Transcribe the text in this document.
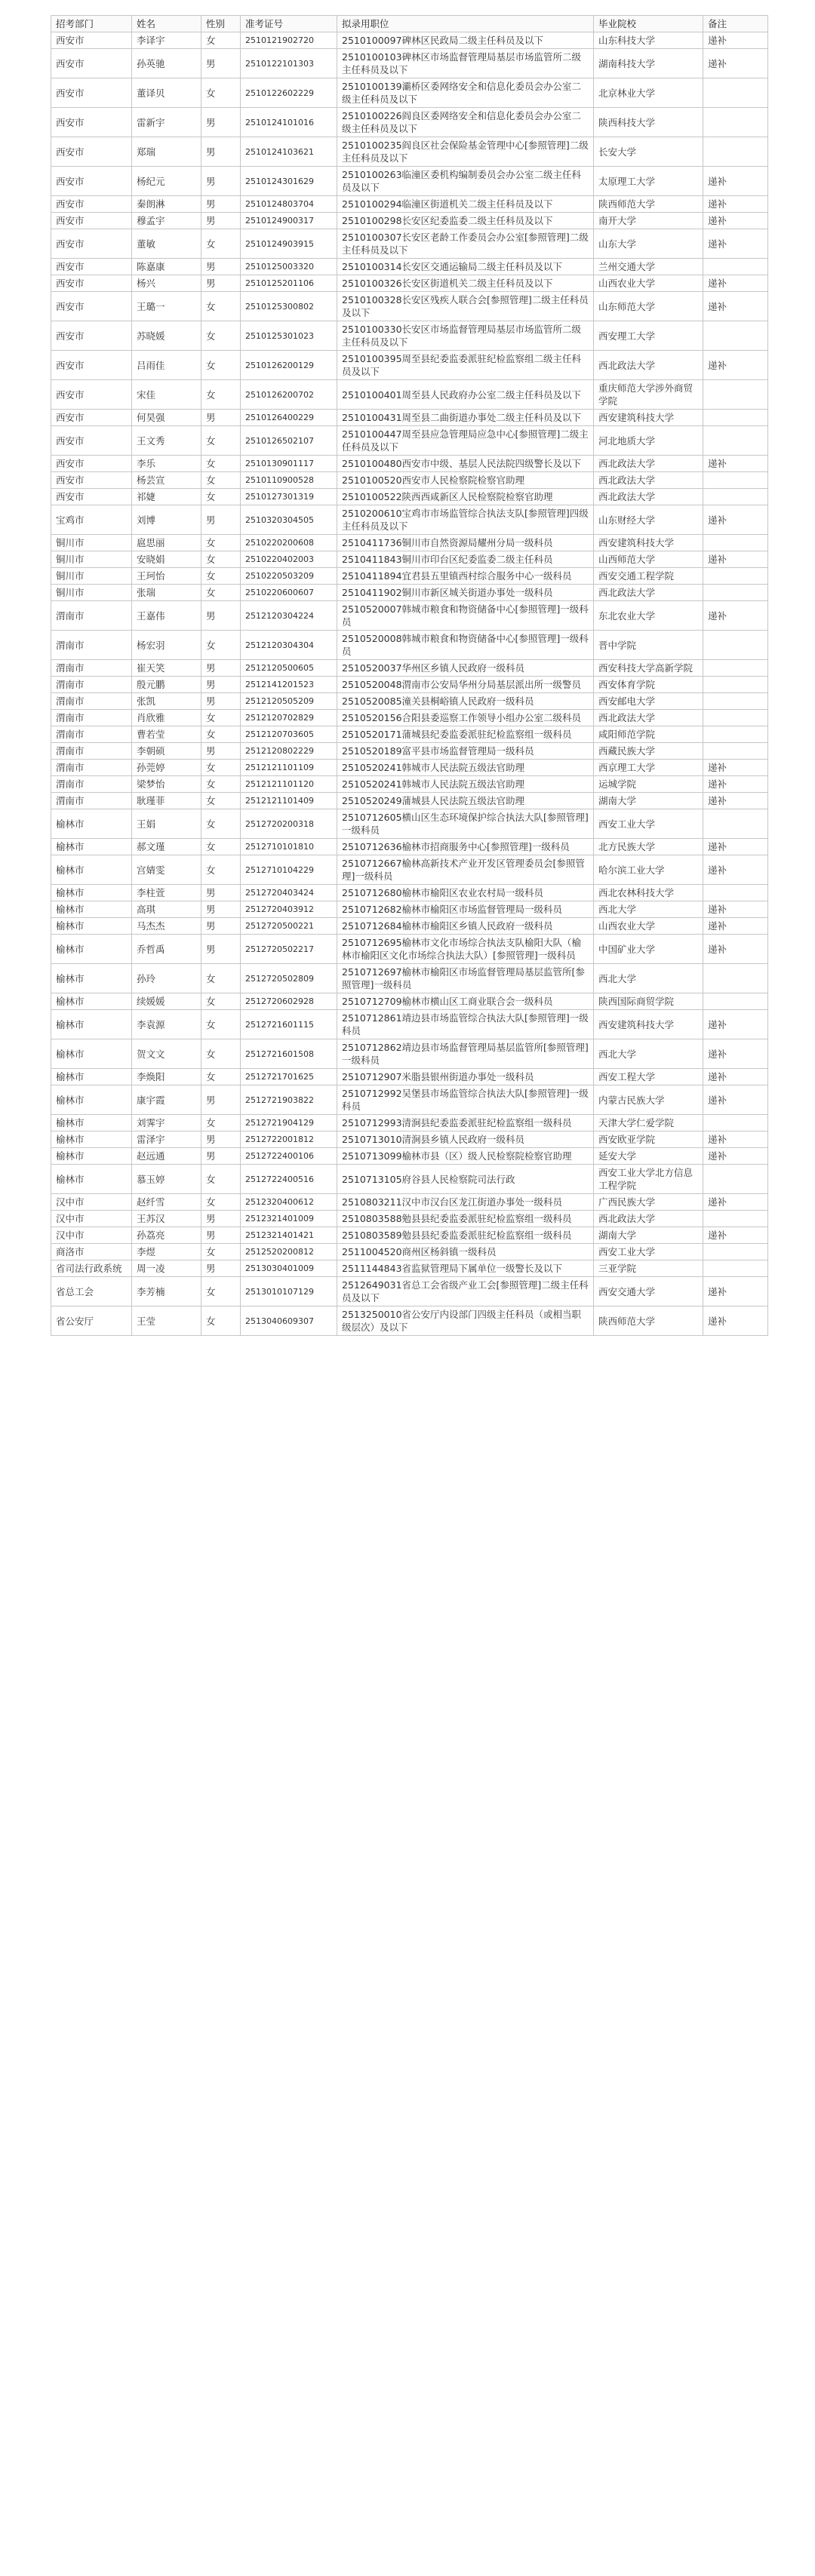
招考部门	姓名	性别	准考证号	拟录用职位	毕业院校	备注
西安市	李译宇	女	2510121902720	2510100097碑林区民政局二级主任科员及以下	山东科技大学	递补
西安市	孙英驰	男	2510122101303	2510100103碑林区市场监督管理局基层市场监管所二级主任科员及以下	湖南科技大学	递补
西安市	董译贝	女	2510122602229	2510100139灞桥区委网络安全和信息化委员会办公室二级主任科员及以下	北京林业大学	
西安市	雷新宇	男	2510124101016	2510100226阎良区委网络安全和信息化委员会办公室二级主任科员及以下	陕西科技大学	
西安市	郑瑞	男	2510124103621	2510100235阎良区社会保险基金管理中心[参照管理]二级主任科员及以下	长安大学	
西安市	杨纪元	男	2510124301629	2510100263临潼区委机构编制委员会办公室二级主任科员及以下	太原理工大学	递补
西安市	秦朗淋	男	2510124803704	2510100294临潼区街道机关二级主任科员及以下	陕西师范大学	递补
西安市	穆孟宇	男	2510124900317	2510100298长安区纪委监委二级主任科员及以下	南开大学	递补
西安市	董敏	女	2510124903915	2510100307长安区老龄工作委员会办公室[参照管理]二级主任科员及以下	山东大学	递补
西安市	陈嘉康	男	2510125003320	2510100314长安区交通运输局二级主任科员及以下	兰州交通大学	
西安市	杨兴	男	2510125201106	2510100326长安区街道机关二级主任科员及以下	山西农业大学	递补
西安市	王璐一	女	2510125300802	2510100328长安区残疾人联合会[参照管理]二级主任科员及以下	山东师范大学	递补
西安市	苏晓媛	女	2510125301023	2510100330长安区市场监督管理局基层市场监管所二级主任科员及以下	西安理工大学	
西安市	吕雨佳	女	2510126200129	2510100395周至县纪委监委派驻纪检监察组二级主任科员及以下	西北政法大学	递补
西安市	宋佳	女	2510126200702	2510100401周至县人民政府办公室二级主任科员及以下	重庆师范大学涉外商贸学院	
西安市	何昊强	男	2510126400229	2510100431周至县二曲街道办事处二级主任科员及以下	西安建筑科技大学	
西安市	王文秀	女	2510126502107	2510100447周至县应急管理局应急中心[参照管理]二级主任科员及以下	河北地质大学	
西安市	李乐	女	2510130901117	2510100480西安市中级、基层人民法院四级警长及以下	西北政法大学	递补
西安市	杨芸宣	女	2510110900528	2510100520西安市人民检察院检察官助理	西北政法大学	
西安市	祁婕	女	2510127301319	2510100522陕西西咸新区人民检察院检察官助理	西北政法大学	
宝鸡市	刘博	男	2510320304505	2510200610宝鸡市市场监管综合执法支队[参照管理]四级主任科员及以下	山东财经大学	递补
铜川市	扈思丽	女	2510220200608	2510411736铜川市自然资源局耀州分局一级科员	西安建筑科技大学	
铜川市	安晓娟	女	2510220402003	2510411843铜川市印台区纪委监委二级主任科员	山西师范大学	递补
铜川市	王珂怡	女	2510220503209	2510411894宜君县五里镇西村综合服务中心一级科员	西安交通工程学院	
铜川市	张瑞	女	2510220600607	2510411902铜川市新区城关街道办事处一级科员	西北政法大学	
渭南市	王嘉伟	男	2512120304224	2510520007韩城市粮食和物资储备中心[参照管理]一级科员	东北农业大学	递补
渭南市	杨宏羽	女	2512120304304	2510520008韩城市粮食和物资储备中心[参照管理]一级科员	晋中学院	
渭南市	崔天笑	男	2512120500605	2510520037华州区乡镇人民政府一级科员	西安科技大学高新学院	
渭南市	殷元鹏	男	2512141201523	2510520048渭南市公安局华州分局基层派出所一级警员	西安体育学院	
渭南市	张凯	男	2512120505209	2510520085潼关县桐峪镇人民政府一级科员	西安邮电大学	
渭南市	肖欣雅	女	2512120702829	2510520156合阳县委巡察工作领导小组办公室二级科员	西北政法大学	
渭南市	曹若莹	女	2512120703605	2510520171蒲城县纪委监委派驻纪检监察组一级科员	咸阳师范学院	
渭南市	李朝硕	男	2512120802229	2510520189富平县市场监督管理局一级科员	西藏民族大学	
渭南市	孙莞婷	女	2512121101109	2510520241韩城市人民法院五级法官助理	西京理工大学	递补
渭南市	梁梦怡	女	2512121101120	2510520241韩城市人民法院五级法官助理	运城学院	递补
渭南市	耿瑾菲	女	2512121101409	2510520249蒲城县人民法院五级法官助理	湖南大学	递补
榆林市	王娟	女	2512720200318	2510712605横山区生态环境保护综合执法大队[参照管理]一级科员	西安工业大学	
榆林市	郝文瑾	女	2512710101810	2510712636榆林市招商服务中心[参照管理]一级科员	北方民族大学	递补
榆林市	宫婧雯	女	2512710104229	2510712667榆林高新技术产业开发区管理委员会[参照管理]一级科员	哈尔滨工业大学	递补
榆林市	李柱萱	男	2512720403424	2510712680榆林市榆阳区农业农村局一级科员	西北农林科技大学	
榆林市	高琪	男	2512720403912	2510712682榆林市榆阳区市场监督管理局一级科员	西北大学	递补
榆林市	马杰杰	男	2512720500221	2510712684榆林市榆阳区乡镇人民政府一级科员	山西农业大学	递补
榆林市	乔哲禹	男	2512720502217	2510712695榆林市文化市场综合执法支队榆阳大队（榆林市榆阳区文化市场综合执法大队）[参照管理]一级科员	中国矿业大学	递补
榆林市	孙玲	女	2512720502809	2510712697榆林市榆阳区市场监督管理局基层监管所[参照管理]一级科员	西北大学	
榆林市	续媛媛	女	2512720602928	2510712709榆林市横山区工商业联合会一级科员	陕西国际商贸学院	
榆林市	李袁源	女	2512721601115	2510712861靖边县市场监管综合执法大队[参照管理]一级科员	西安建筑科技大学	递补
榆林市	贺文文	女	2512721601508	2510712862靖边县市场监督管理局基层监管所[参照管理]一级科员	西北大学	递补
榆林市	李焕阳	女	2512721701625	2510712907米脂县银州街道办事处一级科员	西安工程大学	递补
榆林市	康宇霞	男	2512721903822	2510712992吴堡县市场监管综合执法大队[参照管理]一级科员	内蒙古民族大学	递补
榆林市	刘霁宇	女	2512721904129	2510712993清涧县纪委监委派驻纪检监察组一级科员	天津大学仁爱学院	
榆林市	雷泽宇	男	2512722001812	2510713010清涧县乡镇人民政府一级科员	西安欧亚学院	递补
榆林市	赵远通	男	2512722400106	2510713099榆林市县（区）级人民检察院检察官助理	延安大学	递补
榆林市	慕玉婷	女	2512722400516	2510713105府谷县人民检察院司法行政	西安工业大学北方信息工程学院	
汉中市	赵纤雪	女	2512320400612	2510803211汉中市汉台区龙江街道办事处一级科员	广西民族大学	递补
汉中市	王苏汉	男	2512321401009	2510803588勉县县纪委监委派驻纪检监察组一级科员	西北政法大学	
汉中市	孙荔亮	男	2512321401421	2510803589勉县县纪委监委派驻纪检监察组一级科员	湖南大学	递补
商洛市	李煜	女	2512520200812	2511004520商州区杨斜镇一级科员	西安工业大学	
省司法行政系统	周一凌	男	2513030401009	2511144843省监狱管理局下属单位一级警长及以下	三亚学院	
省总工会	李芳楠	女	2513010107129	2512649031省总工会省级产业工会[参照管理]二级主任科员及以下	西安交通大学	递补
省公安厅	王莹	女	2513040609307	2513250010省公安厅内设部门四级主任科员（或相当职级层次）及以下	陕西师范大学	递补
